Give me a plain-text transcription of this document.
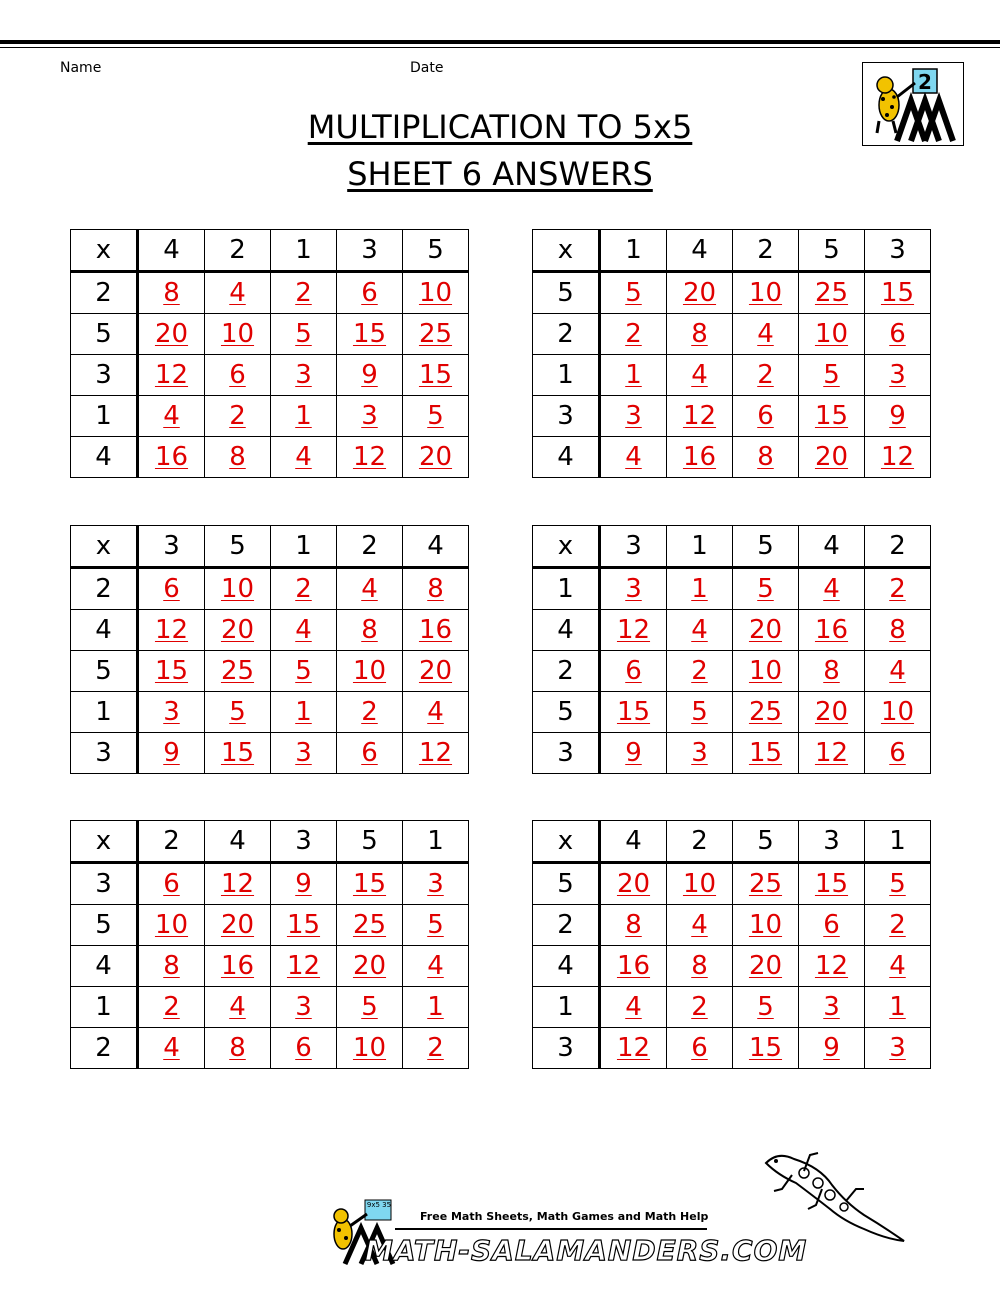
Name	Date
MULTIPLICATION TO 5x5
SHEET 6 ANSWERS
2
x	4	2	1	3	5
2	8	4	2	6	10
5	20	10	5	15	25
3	12	6	3	9	15
1	4	2	1	3	5
4	16	8	4	12	20
x	1	4	2	5	3
5	5	20	10	25	15
2	2	8	4	10	6
1	1	4	2	5	3
3	3	12	6	15	9
4	4	16	8	20	12
x	3	5	1	2	4
2	6	10	2	4	8
4	12	20	4	8	16
5	15	25	5	10	20
1	3	5	1	2	4
3	9	15	3	6	12
x	3	1	5	4	2
1	3	1	5	4	2
4	12	4	20	16	8
2	6	2	10	8	4
5	15	5	25	20	10
3	9	3	15	12	6
x	2	4	3	5	1
3	6	12	9	15	3
5	10	20	15	25	5
4	8	16	12	20	4
1	2	4	3	5	1
2	4	8	6	10	2
x	4	2	5	3	1
5	20	10	25	15	5
2	8	4	10	6	2
4	16	8	20	12	4
1	4	2	5	3	1
3	12	6	15	9	3
9x5 35
Free Math Sheets, Math Games and Math Help
MATH-SALAMANDERS.COM
